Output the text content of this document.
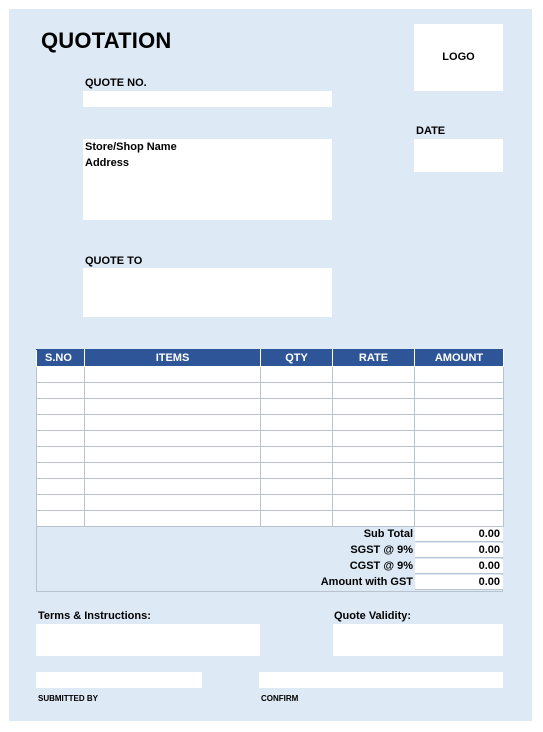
QUOTATION
LOGO
QUOTE NO.
DATE
Store/Shop Name
Address
QUOTE TO
S.NO	ITEMS	QTY	RATE	AMOUNT

Sub Total	0.00
SGST @ 9%	0.00
CGST @ 9%	0.00
Amount with GST	0.00
Terms & Instructions:	Quote Validity:
SUBMITTED BY	CONFIRM
